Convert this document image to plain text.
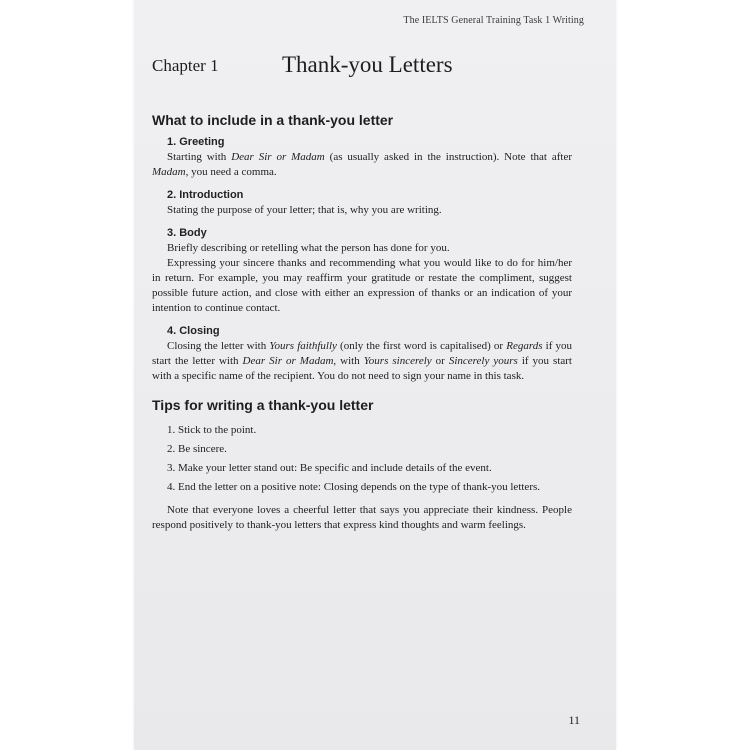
The IELTS General Training Task 1 Writing
Chapter 1	Thank-you Letters
What to include in a thank-you letter
1. Greeting

Starting with Dear Sir or Madam (as usually asked in the instruction). Note that after Madam, you need a comma.

2. Introduction

Stating the purpose of your letter; that is, why you are writing.

3. Body

Briefly describing or retelling what the person has done for you.

Expressing your sincere thanks and recommending what you would like to do for him/her in return. For example, you may reaffirm your gratitude or restate the compliment, suggest possible future action, and close with either an expression of thanks or an indication of your intention to continue contact.

4. Closing

Closing the letter with Yours faithfully (only the first word is capitalised) or Regards if you start the letter with Dear Sir or Madam, with Yours sincerely or Sincerely yours if you start with a specific name of the recipient. You do not need to sign your name in this task.

Tips for writing a thank-you letter
1. Stick to the point.
2. Be sincere.
3. Make your letter stand out: Be specific and include details of the event.
4. End the letter on a positive note: Closing depends on the type of thank-you letters.

Note that everyone loves a cheerful letter that says you appreciate their kindness. People respond positively to thank-you letters that express kind thoughts and warm feelings.

11
